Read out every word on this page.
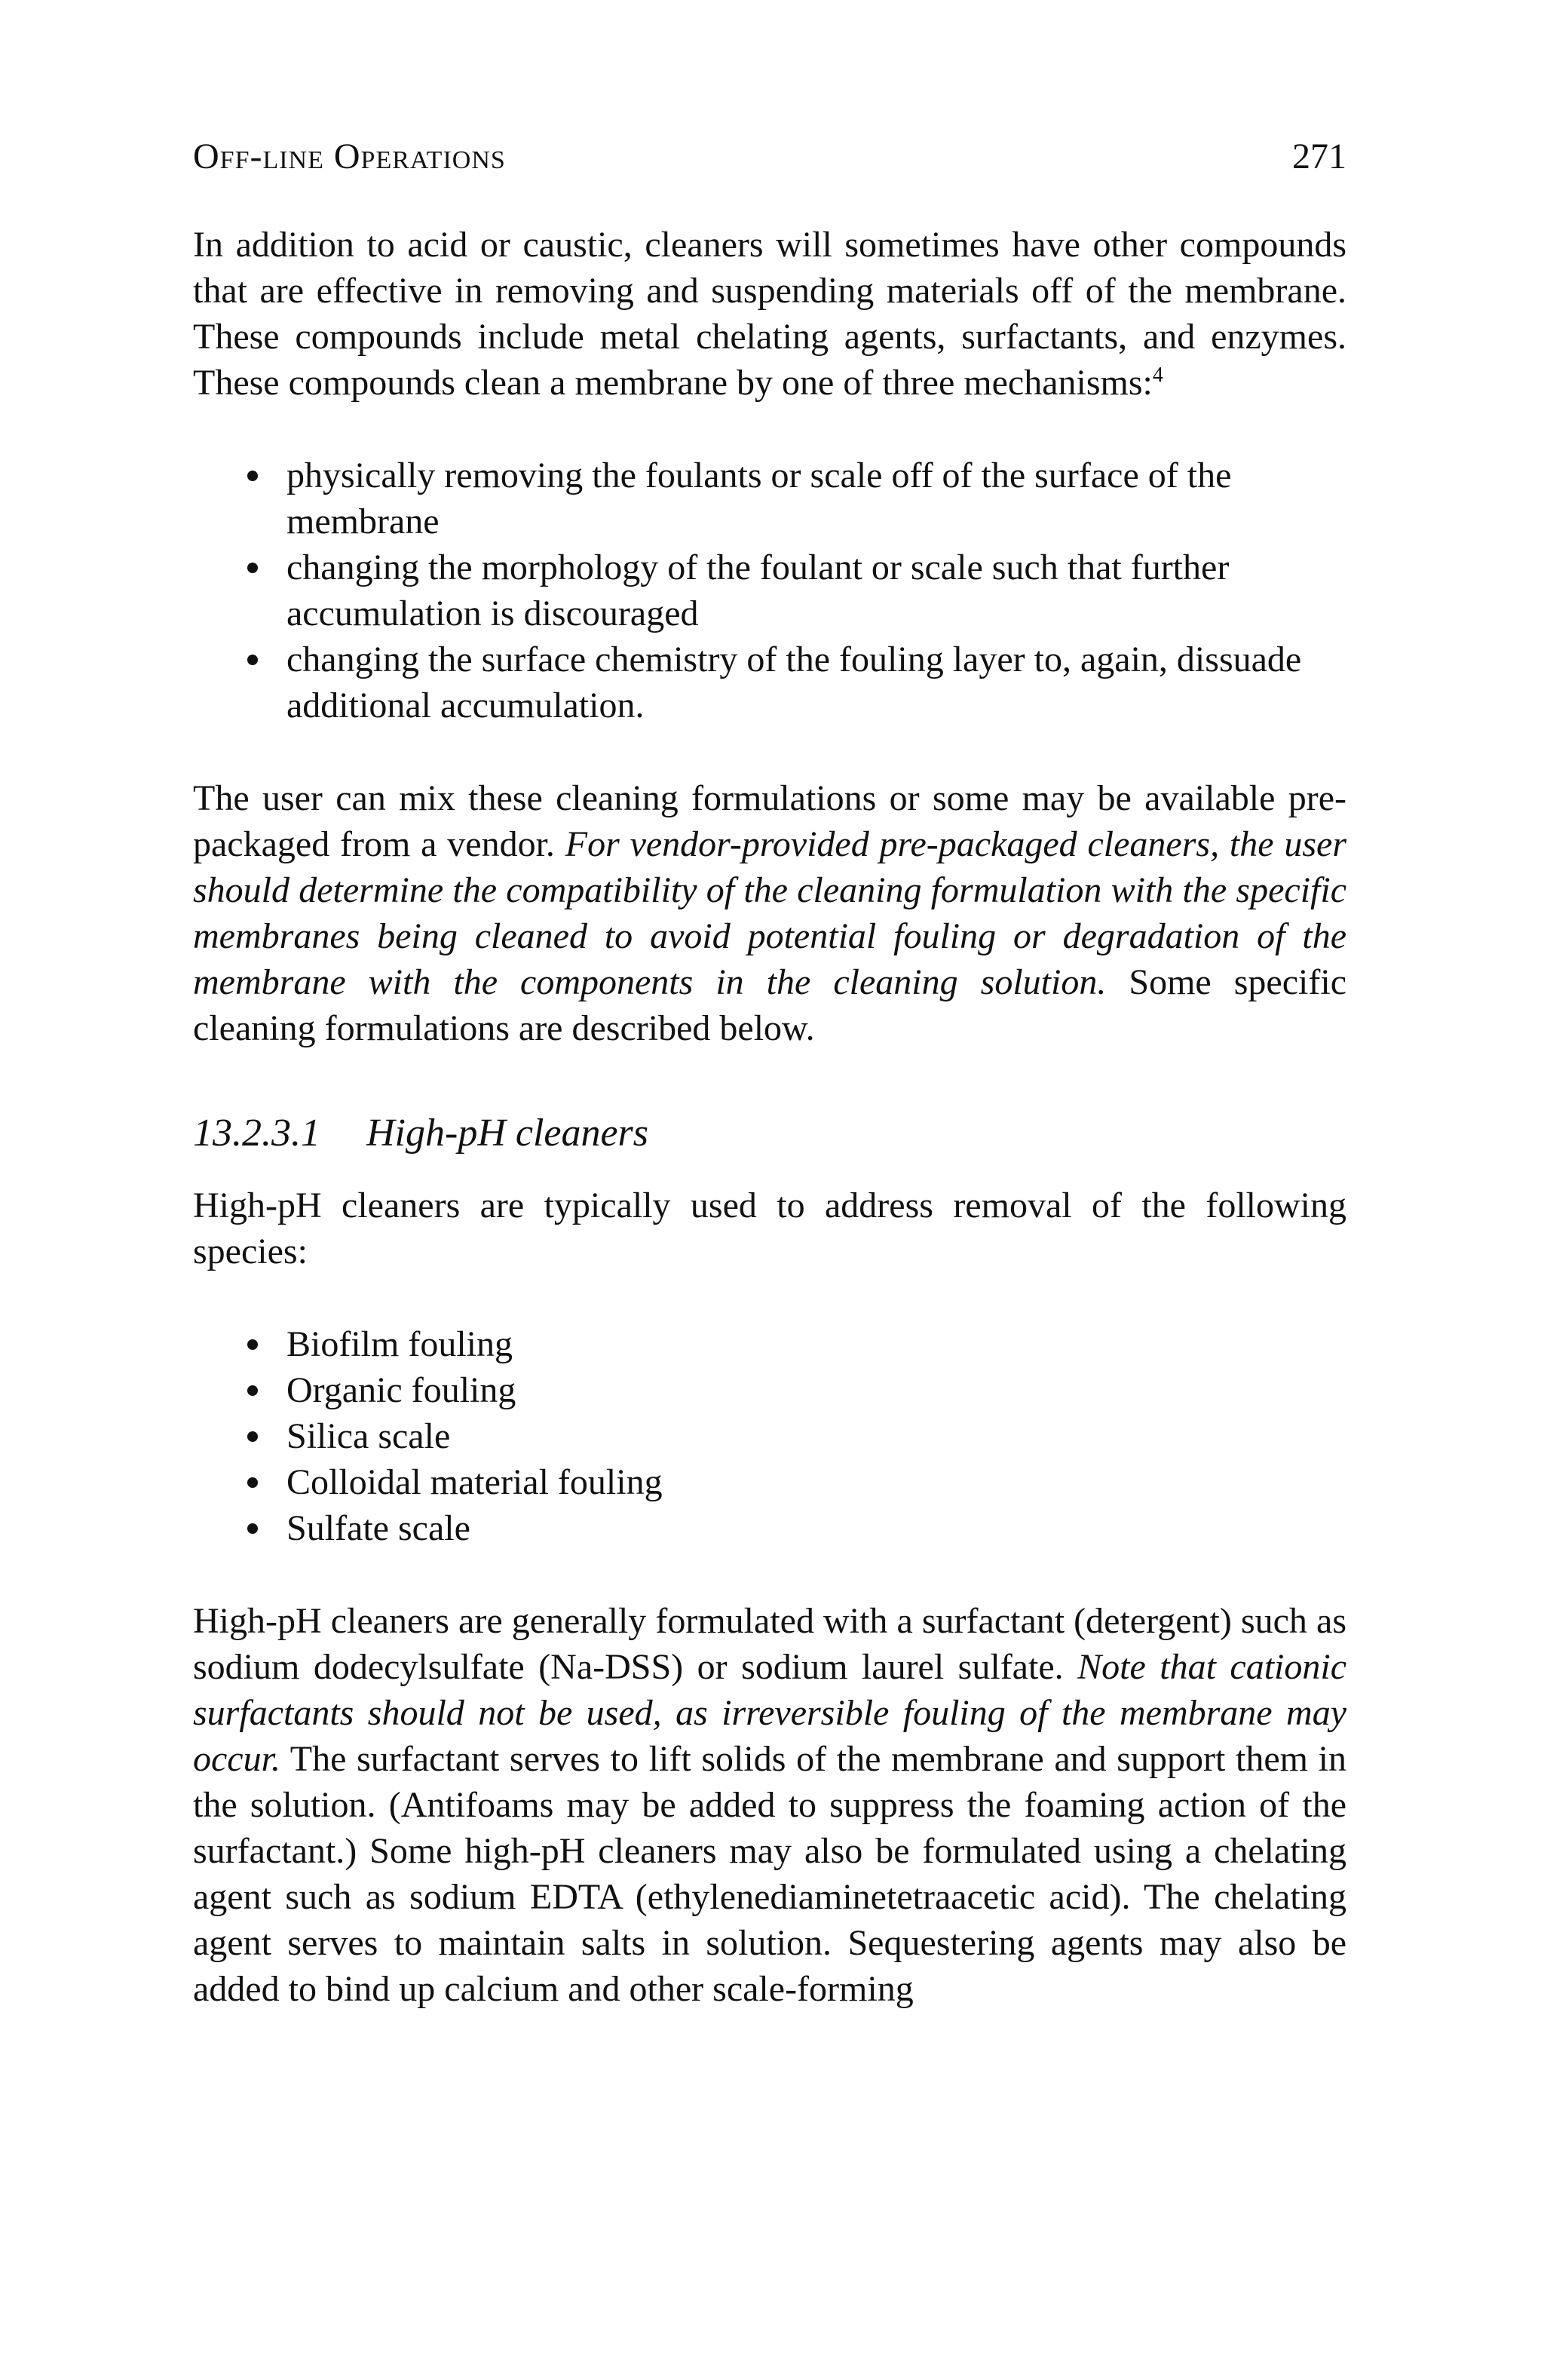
Off-line Operations	271

In addition to acid or caustic, cleaners will sometimes have other compounds that are effective in removing and suspending materials off of the membrane. These compounds include metal chelating agents, surfactants, and enzymes. These compounds clean a membrane by one of three mechanisms:$^4$

physically removing the foulants or scale off of the surface of the membrane
changing the morphology of the foulant or scale such that further accumulation is discouraged
changing the surface chemistry of the fouling layer to, again, dissuade additional accumulation.

The user can mix these cleaning formulations or some may be available pre-packaged from a vendor. For vendor-provided pre-packaged cleaners, the user should determine the compatibility of the cleaning formulation with the specific membranes being cleaned to avoid potential fouling or degradation of the membrane with the components in the cleaning solution. Some specific cleaning formulations are described below.

13.2.3.1 High-pH cleaners

High-pH cleaners are typically used to address removal of the following species:

Biofilm fouling
Organic fouling
Silica scale
Colloidal material fouling
Sulfate scale

High-pH cleaners are generally formulated with a surfactant (detergent) such as sodium dodecylsulfate (Na-DSS) or sodium laurel sulfate. Note that cationic surfactants should not be used, as irreversible fouling of the membrane may occur. The surfactant serves to lift solids of the membrane and support them in the solution. (Antifoams may be added to suppress the foaming action of the surfactant.) Some high-pH cleaners may also be formulated using a chelating agent such as sodium EDTA (ethylenediaminetetraacetic acid). The chelating agent serves to maintain salts in solution. Sequestering agents may also be added to bind up calcium and other scale-forming
